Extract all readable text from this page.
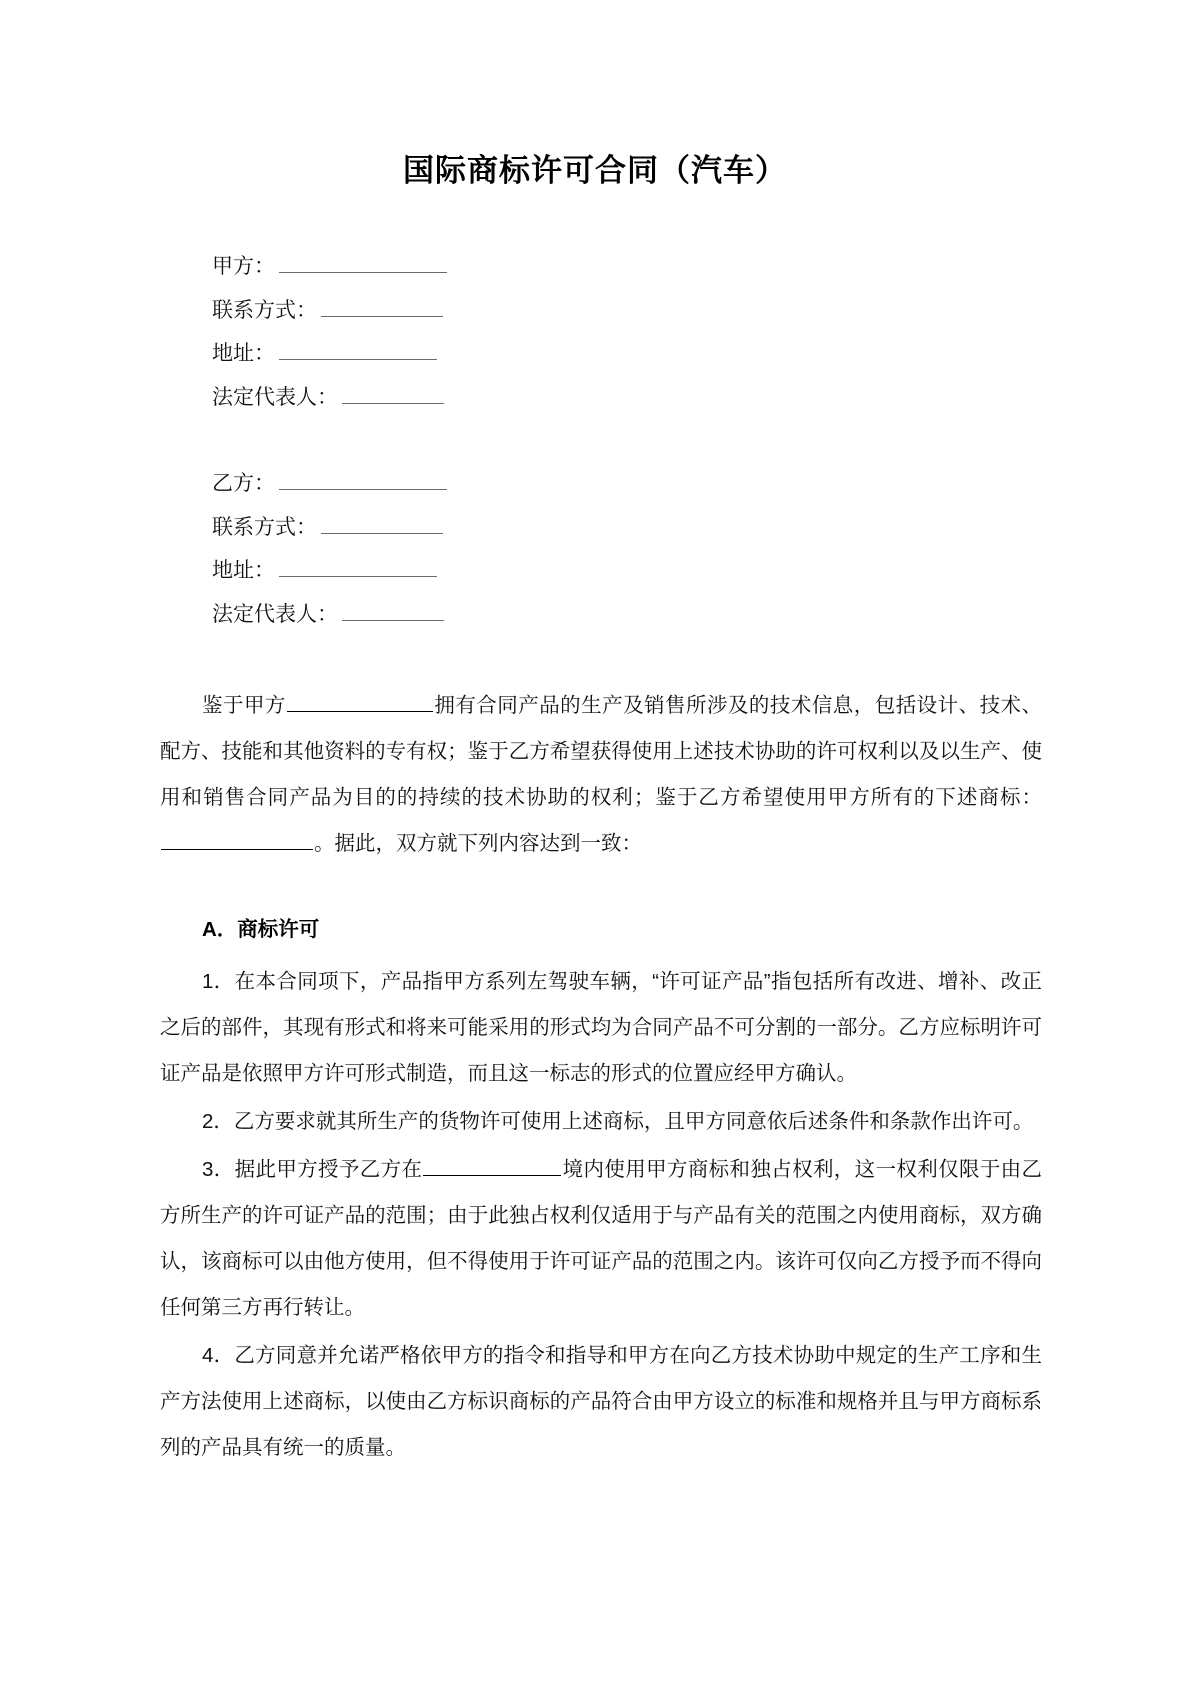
国际商标许可合同（汽车）
甲方：
联系方式：
地址：
法定代表人：
乙方：
联系方式：
地址：
法定代表人：

鉴于甲方	拥有合同产品的生产及销售所涉及的技术信息，包括设计、技术、配方、技能和其他资料的专有权；鉴于乙方希望获得使用上述技术协助的许可权利以及以生产、使用和销售合同产品为目的的持续的技术协助的权利；鉴于乙方希望使用甲方所有的下述商标：。据此，双方就下列内容达到一致：

A．商标许可

1．在本合同项下，产品指甲方系列左驾驶车辆，“许可证产品”指包括所有改进、增补、改正之后的部件，其现有形式和将来可能采用的形式均为合同产品不可分割的一部分。乙方应标明许可证产品是依照甲方许可形式制造，而且这一标志的形式的位置应经甲方确认。

2．乙方要求就其所生产的货物许可使用上述商标，且甲方同意依后述条件和条款作出许可。

3．据此甲方授予乙方在	境内使用甲方商标和独占权利，这一权利仅限于由乙方所生产的许可证产品的范围；由于此独占权利仅适用于与产品有关的范围之内使用商标，双方确认，该商标可以由他方使用，但不得使用于许可证产品的范围之内。该许可仅向乙方授予而不得向任何第三方再行转让。

4．乙方同意并允诺严格依甲方的指令和指导和甲方在向乙方技术协助中规定的生产工序和生产方法使用上述商标，以使由乙方标识商标的产品符合由甲方设立的标准和规格并且与甲方商标系列的产品具有统一的质量。
